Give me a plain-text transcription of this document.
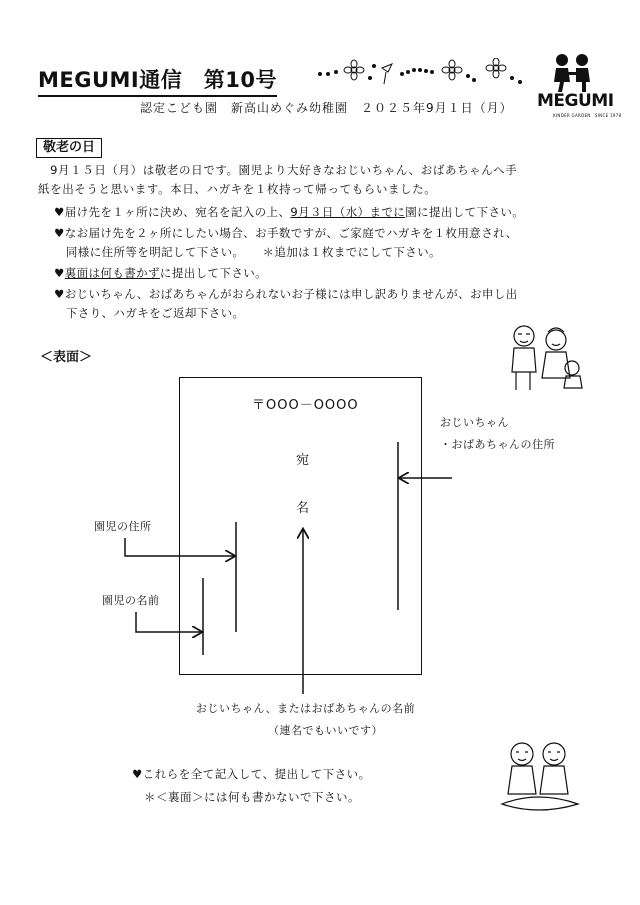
MEGUMI通信　第10号
認定こども園　新高山めぐみ幼稚園　２０２５年9月１日（月） MEGUMI
KINDER GARDEN　SINCE 1978
敬老の日
　9月１５日（月）は敬老の日です。園児より大好きなおじいちゃん、おばあちゃんへ手
紙を出そうと思います。本日、ハガキを１枚持って帰ってもらいました。
♥届け先を１ヶ所に決め、宛名を記入の上、9月３日（水）までに園に提出して下さい。
♥なお届け先を２ヶ所にしたい場合、お手数ですが、ご家庭でハガキを１枚用意され、
　同様に住所等を明記して下さい。　　＊追加は１枚までにして下さい。
♥裏面は何も書かずに提出して下さい。
♥おじいちゃん、おばあちゃんがおられないお子様には申し訳ありませんが、お申し出
　下さり、ハガキをご返却下さい。
＜表面＞
〒OOO－OOOO
宛
名
おじいちゃん
・おばあちゃんの住所
園児の住所
園児の名前
おじいちゃん、またはおばあちゃんの名前
（連名でもいいです）
♥これらを全て記入して、提出して下さい。
＊＜裏面＞には何も書かないで下さい。
